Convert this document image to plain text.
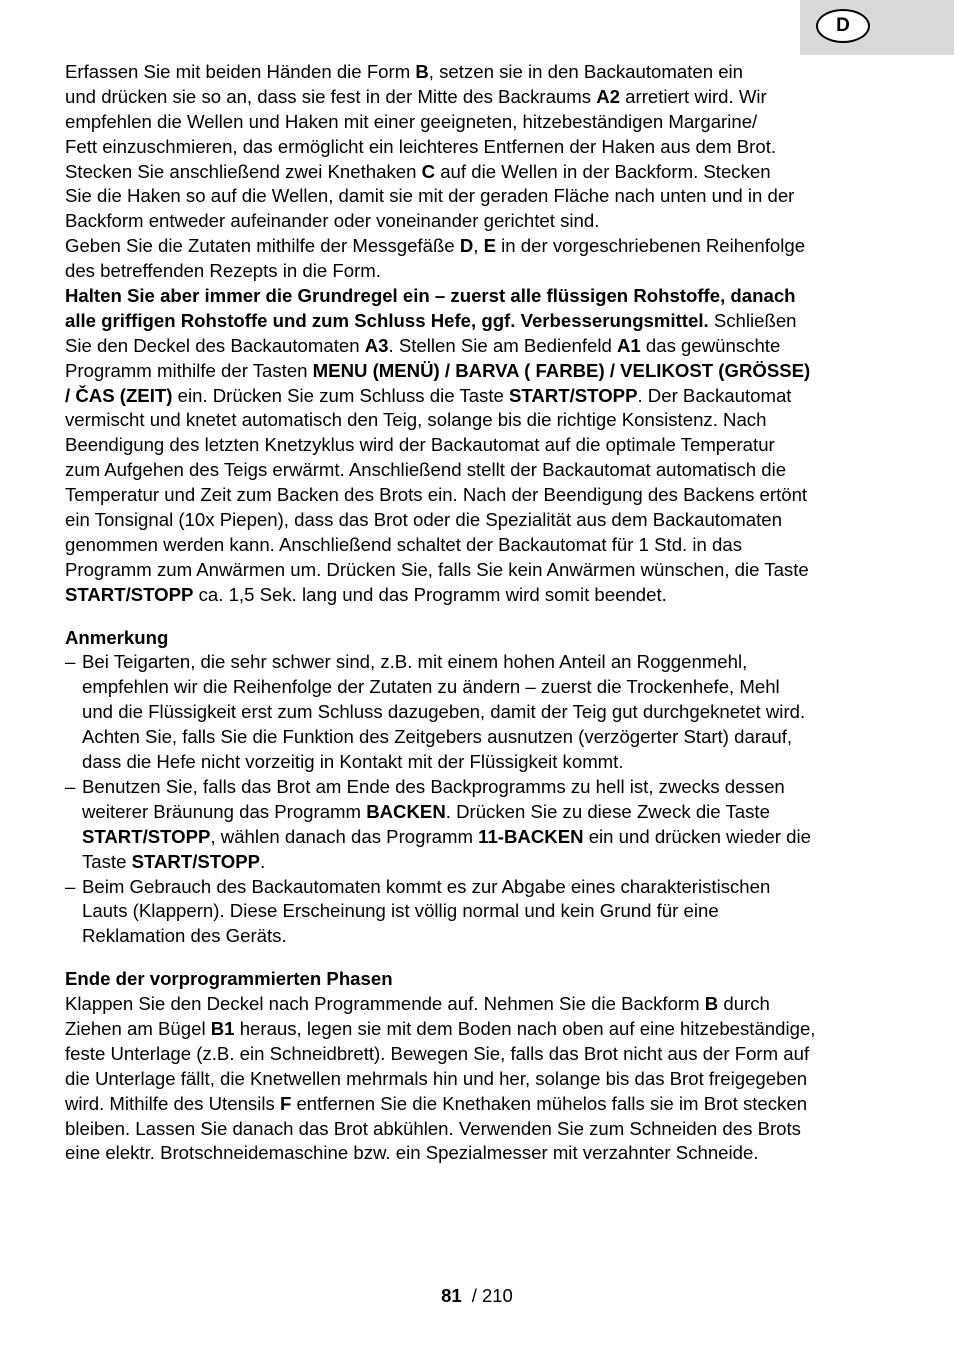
D
Erfassen Sie mit beiden Händen die Form B, setzen sie in den Backautomaten ein
und drücken sie so an, dass sie fest in der Mitte des Backraums A2 arretiert wird. Wir
empfehlen die Wellen und Haken mit einer geeigneten, hitzebeständigen Margarine/
Fett einzuschmieren, das ermöglicht ein leichteres Entfernen der Haken aus dem Brot.
Stecken Sie anschließend zwei Knethaken C auf die Wellen in der Backform. Stecken
Sie die Haken so auf die Wellen, damit sie mit der geraden Fläche nach unten und in der
Backform entweder aufeinander oder voneinander gerichtet sind.
Geben Sie die Zutaten mithilfe der Messgefäße D, E in der vorgeschriebenen Reihenfolge
des betreffenden Rezepts in die Form.
Halten Sie aber immer die Grundregel ein – zuerst alle flüssigen Rohstoffe, danach
alle griffigen Rohstoffe und zum Schluss Hefe, ggf. Verbesserungsmittel. Schließen
Sie den Deckel des Backautomaten A3. Stellen Sie am Bedienfeld A1 das gewünschte
Programm mithilfe der Tasten MENU (MENÜ) / BARVA ( FARBE) / VELIKOST (GRÖSSE)
/ ČAS (ZEIT) ein. Drücken Sie zum Schluss die Taste START/STOPP. Der Backautomat
vermischt und knetet automatisch den Teig, solange bis die richtige Konsistenz. Nach
Beendigung des letzten Knetzyklus wird der Backautomat auf die optimale Temperatur
zum Aufgehen des Teigs erwärmt. Anschließend stellt der Backautomat automatisch die
Temperatur und Zeit zum Backen des Brots ein. Nach der Beendigung des Backens ertönt
ein Tonsignal (10x Piepen), dass das Brot oder die Spezialität aus dem Backautomaten
genommen werden kann. Anschließend schaltet der Backautomat für 1 Std. in das
Programm zum Anwärmen um. Drücken Sie, falls Sie kein Anwärmen wünschen, die Taste
START/STOPP ca. 1,5 Sek. lang und das Programm wird somit beendet.
Anmerkung
– Bei Teigarten, die sehr schwer sind, z.B. mit einem hohen Anteil an Roggenmehl,
empfehlen wir die Reihenfolge der Zutaten zu ändern – zuerst die Trockenhefe, Mehl
und die Flüssigkeit erst zum Schluss dazugeben, damit der Teig gut durchgeknetet wird.
Achten Sie, falls Sie die Funktion des Zeitgebers ausnutzen (verzögerter Start) darauf,
dass die Hefe nicht vorzeitig in Kontakt mit der Flüssigkeit kommt.
– Benutzen Sie, falls das Brot am Ende des Backprogramms zu hell ist, zwecks dessen
weiterer Bräunung das Programm BACKEN. Drücken Sie zu diese Zweck die Taste
START/STOPP, wählen danach das Programm 11-BACKEN ein und drücken wieder die
Taste START/STOPP.
– Beim Gebrauch des Backautomaten kommt es zur Abgabe eines charakteristischen
Lauts (Klappern). Diese Erscheinung ist völlig normal und kein Grund für eine
Reklamation des Geräts.
Ende der vorprogrammierten Phasen
Klappen Sie den Deckel nach Programmende auf. Nehmen Sie die Backform B durch
Ziehen am Bügel B1 heraus, legen sie mit dem Boden nach oben auf eine hitzebeständige,
feste Unterlage (z.B. ein Schneidbrett). Bewegen Sie, falls das Brot nicht aus der Form auf
die Unterlage fällt, die Knetwellen mehrmals hin und her, solange bis das Brot freigegeben
wird. Mithilfe des Utensils F entfernen Sie die Knethaken mühelos falls sie im Brot stecken
bleiben. Lassen Sie danach das Brot abkühlen. Verwenden Sie zum Schneiden des Brots
eine elektr. Brotschneidemaschine bzw. ein Spezialmesser mit verzahnter Schneide.
81 / 210
